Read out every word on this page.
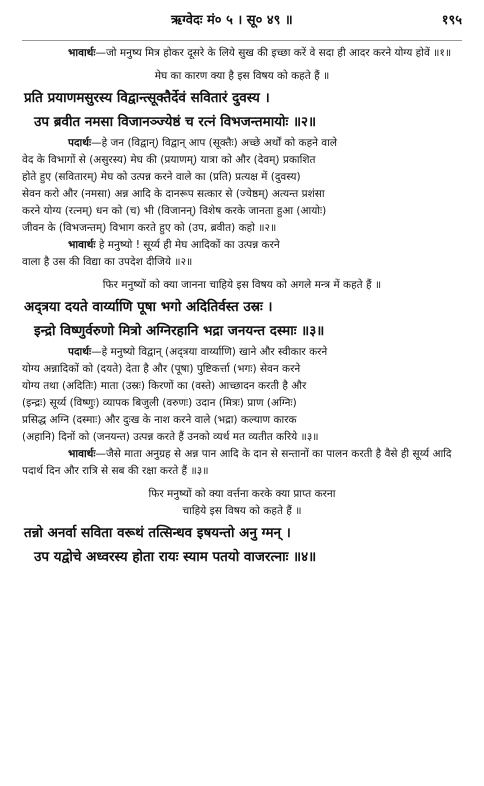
ऋग्वेदः मं० ५ । सू० ४९ ॥	१९५

भावार्थः—जो मनुष्य मित्र होकर दूसरे के लिये सुख की इच्छा करें वे सदा ही आदर करने योग्य होवें ॥१॥

मेघ का कारण क्या है इस विषय को कहते हैं ॥

प्रति प्रयाणमसुरस्य विद्वान्त्सूक्तैर्देवं सवितारं दुवस्य ।

उप ब्रवीत नमसा विजानञ्ज्येष्ठं च रत्नं विभजन्तमायोः ॥२॥

पदार्थः—हे जन (विद्वान्) विद्वान् आप (सूक्तैः) अच्छे अर्थों को कहने वाले

वेद के विभागों से (असुरस्य) मेघ की (प्रयाणम्) यात्रा को और (देवम्) प्रकाशित

होते हुए (सवितारम्) मेघ को उत्पन्न करने वाले का (प्रति) प्रत्यक्ष में (दुवस्य)

सेवन करो और (नमसा) अन्न आदि के दानरूप सत्कार से (ज्येष्ठम्) अत्यन्त प्रशंसा

करने योग्य (रत्नम्) धन को (च) भी (विजानन्) विशेष करके जानता हुआ (आयोः)

जीवन के (विभजन्तम्) विभाग करते हुए को (उप, ब्रवीत) कहो ॥२॥

भावार्थः हे मनुष्यो ! सूर्य्य ही मेघ आदिकों का उत्पन्न करने

वाला है उस की विद्या का उपदेश दीजिये ॥२॥

फिर मनुष्यों को क्या जानना चाहिये इस विषय को अगले मन्त्र में कहते हैं ॥

अद्त्रया दयते वार्य्याणि पूषा भगो अदितिर्वस्त उस्रः ।

इन्द्रो विष्णुर्वरुणो मित्रो अग्निरहानि भद्रा जनयन्त दस्माः ॥३॥

पदार्थः—हे मनुष्यो विद्वान् (अद्त्रया वार्य्याणि) खाने और स्वीकार करने

योग्य अन्नादिकों को (दयते) देता है और (पूषा) पुष्टिकर्त्ता (भगः) सेवन करने

योग्य तथा (अदितिः) माता (उस्रः) किरणों का (वस्ते) आच्छादन करती है और

(इन्द्रः) सूर्य्य (विष्णुः) व्यापक बिजुली (वरुणः) उदान (मित्रः) प्राण (अग्निः)

प्रसिद्ध अग्नि (दस्माः) और दुःख के नाश करने वाले (भद्रा) कल्याण कारक

(अहानि) दिनों को (जनयन्त) उत्पन्न करते हैं उनको व्यर्थ मत व्यतीत करिये ॥३॥

भावार्थः—जैसे माता अनुग्रह से अन्न पान आदि के दान से सन्तानों का पालन करती है वैसे ही सूर्य्य आदि पदार्थ दिन और रात्रि से सब की रक्षा करते हैं ॥३॥

फिर मनुष्यों को क्या वर्त्तना करके क्या प्राप्त करना

चाहिये इस विषय को कहते हैं ॥

तन्नो अनर्वा सविता वरूथं तत्सिन्धव इषयन्तो अनु ग्मन् ।

उप यद्वोचे अध्वरस्य होता रायः स्याम पतयो वाजरत्नाः ॥४॥
